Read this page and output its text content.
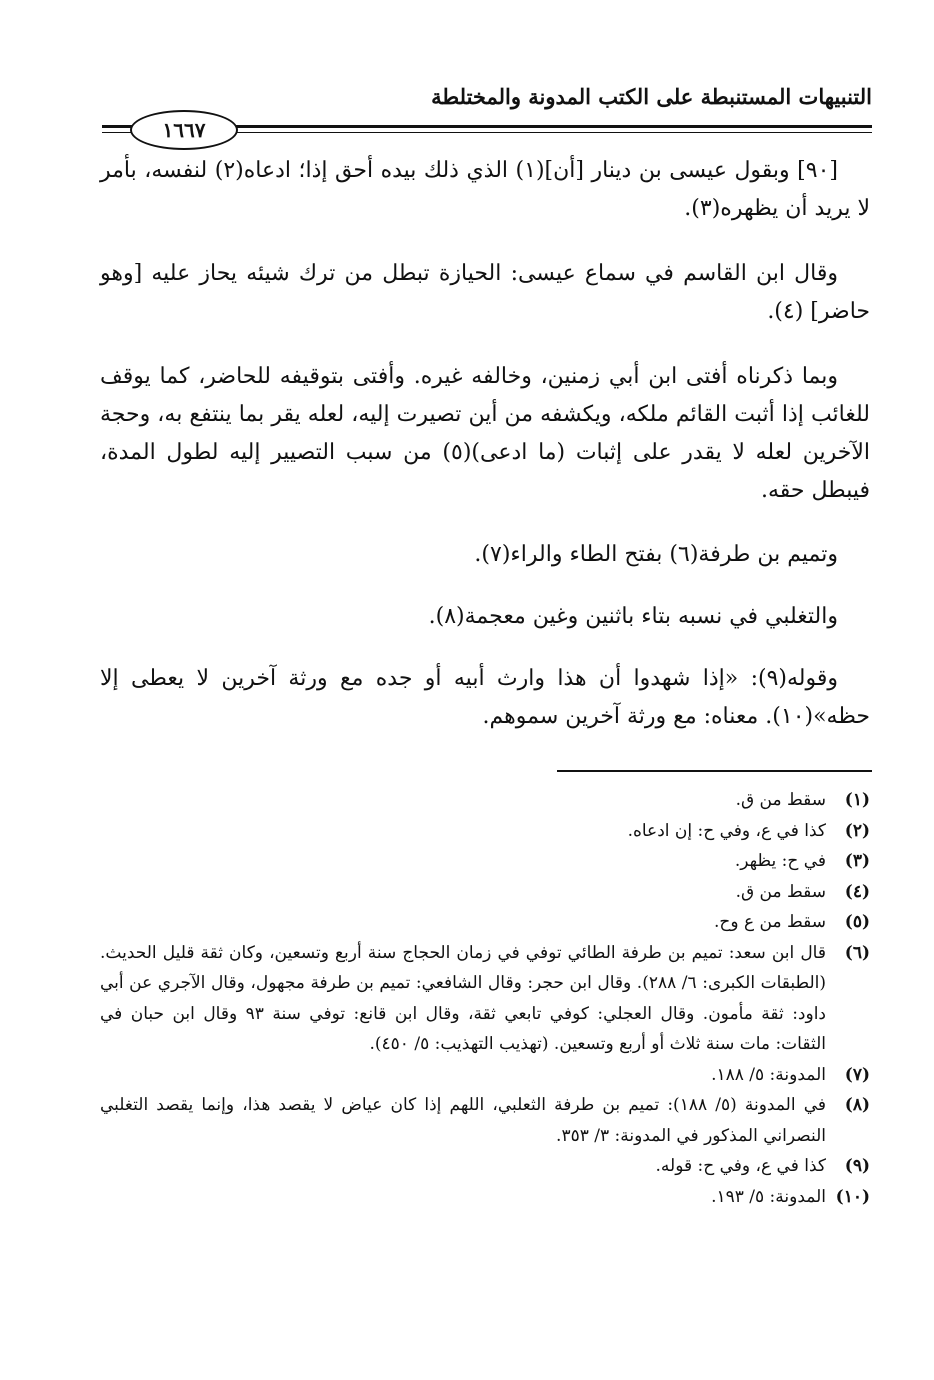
التنبيهات المستنبطة على الكتب المدونة والمختلطة
١٦٦٧

[٩٠] وبقول عيسى بن دينار [أن](١) الذي ذلك بيده أحق إذا؛ ادعاه(٢) لنفسه، بأمر لا يريد أن يظهره(٣).

وقال ابن القاسم في سماع عيسى: الحيازة تبطل من ترك شيئه يحاز عليه [وهو حاضر] (٤).

وبما ذكرناه أفتى ابن أبي زمنين، وخالفه غيره. وأفتى بتوقيفه للحاضر، كما يوقف للغائب إذا أثبت القائم ملكه، ويكشفه من أين تصيرت إليه، لعله يقر بما ينتفع به، وحجة الآخرين لعله لا يقدر على إثبات (ما ادعى)(٥) من سبب التصيير إليه لطول المدة، فيبطل حقه.

وتميم بن طرفة(٦) بفتح الطاء والراء(٧).

والتغلبي في نسبه بتاء باثنين وغين معجمة(٨).

وقوله(٩): «إذا شهدوا أن هذا وارث أبيه أو جده مع ورثة آخرين لا يعطى إلا حظه»(١٠). معناه: مع ورثة آخرين سموهم.

(١)
سقط من ق.
(٢)
كذا في ع، وفي ح: إن ادعاه.
(٣)
في ح: يظهر.
(٤)
سقط من ق.
(٥)
سقط من ع وح.
(٦)
قال ابن سعد: تميم بن طرفة الطائي توفي في زمان الحجاج سنة أربع وتسعين، وكان ثقة قليل الحديث. (الطبقات الكبرى: ٦/ ٢٨٨). وقال ابن حجر: وقال الشافعي: تميم بن طرفة مجهول، وقال الآجري عن أبي داود: ثقة مأمون. وقال العجلي: كوفي تابعي ثقة، وقال ابن قانع: توفي سنة ٩٣ وقال ابن حبان في الثقات: مات سنة ثلاث أو أربع وتسعين. (تهذيب التهذيب: ٥/ ٤٥٠).
(٧)
المدونة: ٥/ ١٨٨.
(٨)
في المدونة (٥/ ١٨٨): تميم بن طرفة الثعلبي، اللهم إذا كان عياض لا يقصد هذا، وإنما يقصد التغلبي النصراني المذكور في المدونة: ٣/ ٣٥٣.
(٩)
كذا في ع، وفي ح: قوله.
(١٠)
المدونة: ٥/ ١٩٣.
